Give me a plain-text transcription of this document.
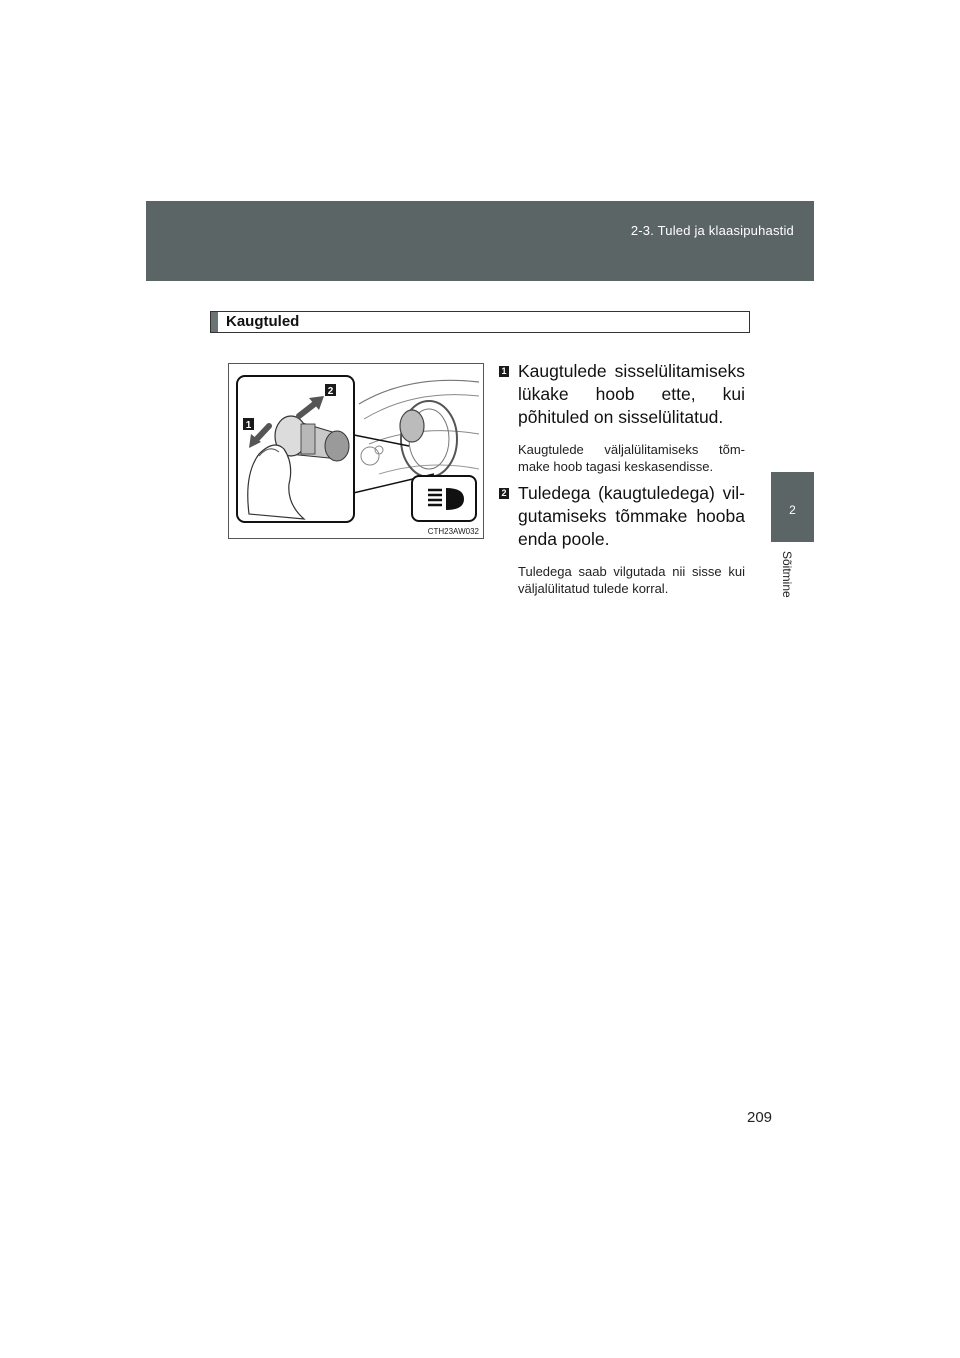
2-3. Tuled ja klaasipuhastid
2
Sõitmine
Kaugtuled
1
2
CTH23AW032
1 Kaugtulede sisselülitamiseks lükake hoob ette, kui põhituled on sisselülitatud.
Kaugtulede väljalülitamiseks tõm- make hoob tagasi keskasendisse.
2 Tuledega (kaugtuledega) vil- gutamiseks tõmmake hooba enda poole.
Tuledega saab vilgutada nii sisse kui väljalülitatud tulede korral.
209
